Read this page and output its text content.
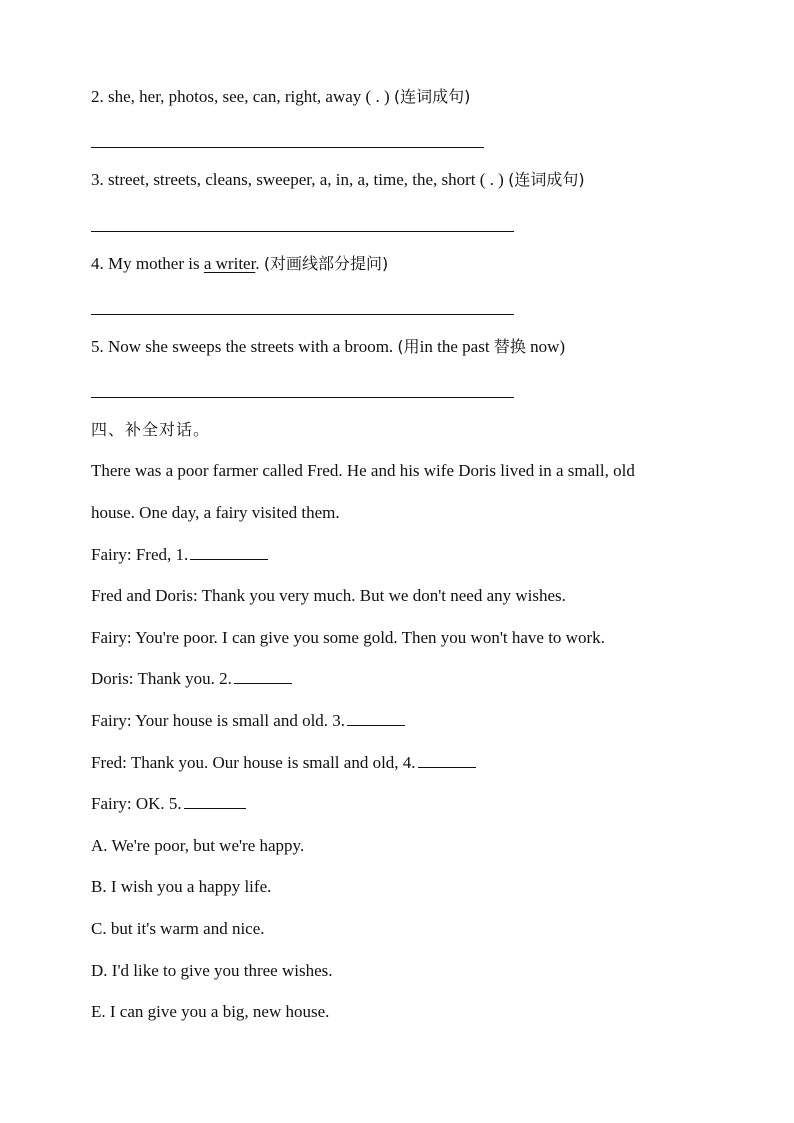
2. she, her, photos, see, can, right, away ( . ) (连词成句)
3. street, streets, cleans, sweeper, a, in, a, time, the, short ( . ) (连词成句)
4. My mother is a writer. (对画线部分提问)
5. Now she sweeps the streets with a broom. (用in the past 替换 now)
四、补全对话。
There was a poor farmer called Fred. He and his wife Doris lived in a small, old
house. One day, a fairy visited them.
Fairy: Fred, 1.
Fred and Doris: Thank you very much. But we don't need any wishes.
Fairy: You're poor. I can give you some gold. Then you won't have to work.
Doris: Thank you. 2.
Fairy: Your house is small and old. 3.
Fred: Thank you. Our house is small and old, 4.
Fairy: OK. 5.
A. We're poor, but we're happy.
B. I wish you a happy life.
C. but it's warm and nice.
D. I'd like to give you three wishes.
E. I can give you a big, new house.
